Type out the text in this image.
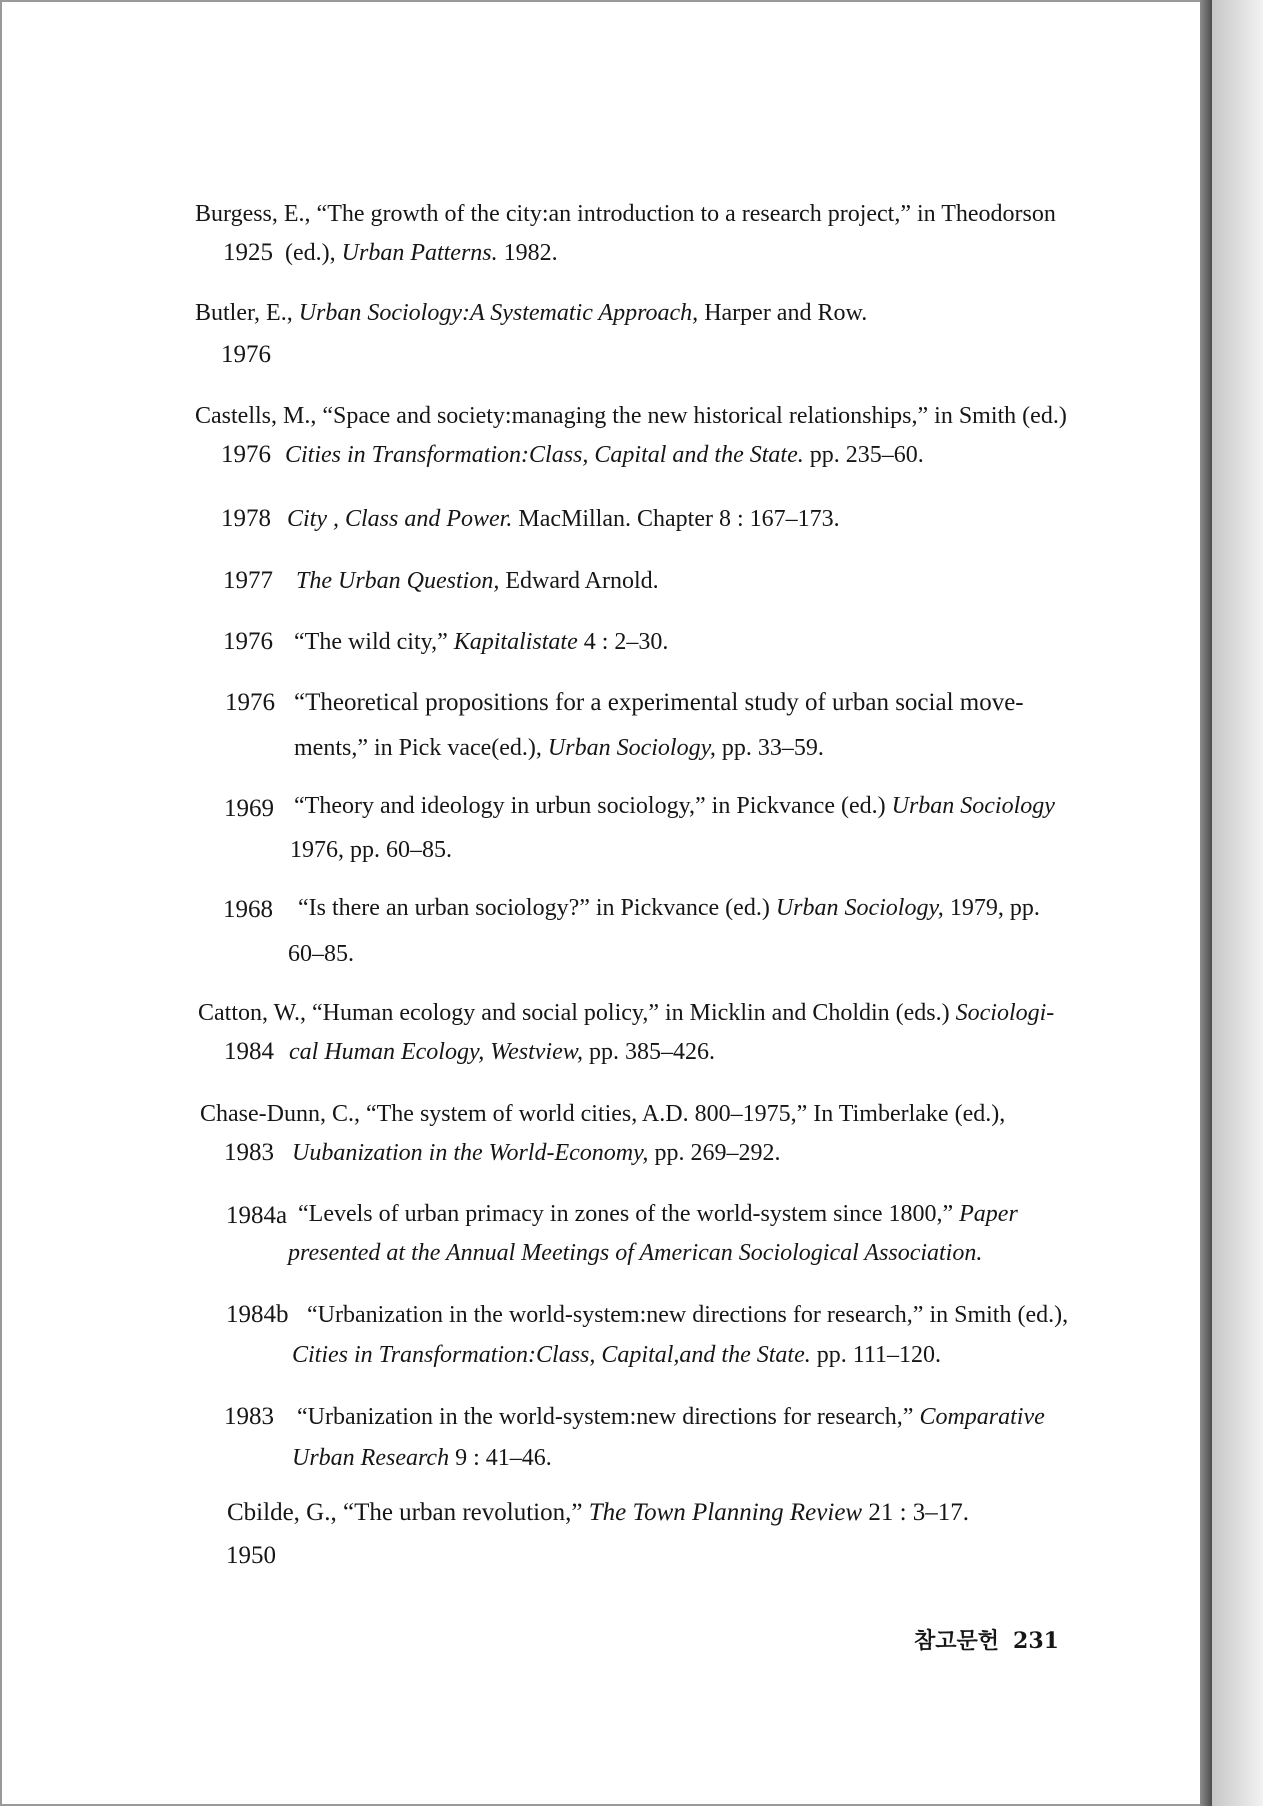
Burgess, E., “The growth of the city:an introduction to a research project,” in Theodorson
1925 (ed.), Urban Patterns. 1982.
Butler, E., Urban Sociology:A Systematic Approach, Harper and Row.
1976
Castells, M., “Space and society:managing the new historical relationships,” in Smith (ed.)
1976 Cities in Transformation:Class, Capital and the State. pp. 235–60.
1978 City , Class and Power. MacMillan. Chapter 8 : 167–173.
1977 The Urban Question, Edward Arnold.
1976 “The wild city,” Kapitalistate 4 : 2–30.
1976 “Theoretical propositions for a experimental study of urban social move-
ments,” in Pick vace(ed.), Urban Sociology, pp. 33–59.
1969 “Theory and ideology in urbun sociology,” in Pickvance (ed.) Urban Sociology
1976, pp. 60–85.
1968 “Is there an urban sociology?” in Pickvance (ed.) Urban Sociology, 1979, pp.
60–85.
Catton, W., “Human ecology and social policy,” in Micklin and Choldin (eds.) Sociologi-
1984 cal Human Ecology, Westview, pp. 385–426.
Chase-Dunn, C., “The system of world cities, A.D. 800–1975,” In Timberlake (ed.),
1983 Uubanization in the World-Economy, pp. 269–292.
1984a “Levels of urban primacy in zones of the world-system since 1800,” Paper
presented at the Annual Meetings of American Sociological Association.
1984b “Urbanization in the world-system:new directions for research,” in Smith (ed.),
Cities in Transformation:Class, Capital,and the State. pp. 111–120.
1983 “Urbanization in the world-system:new directions for research,” Comparative
Urban Research 9 : 41–46.
Cbilde, G., “The urban revolution,” The Town Planning Review 21 : 3–17.
1950
참고문헌 231
